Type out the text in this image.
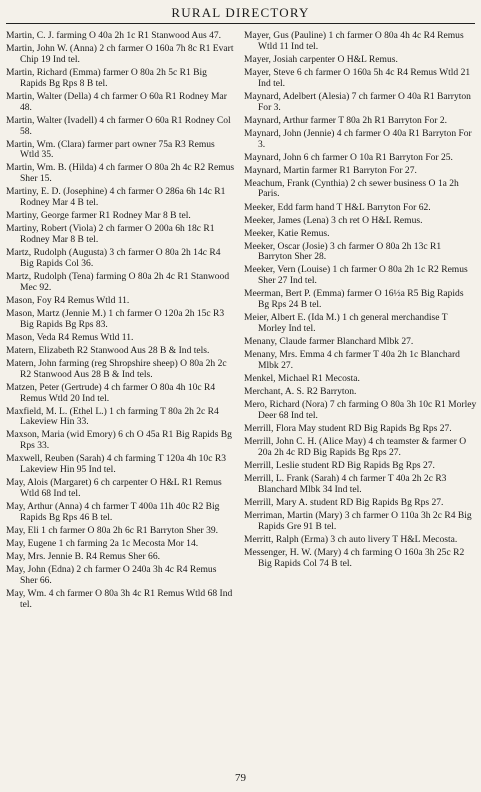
RURAL DIRECTORY

Martin, C. J. farming O 40a 2h 1c R1 Stanwood Aus 47.

Martin, John W. (Anna) 2 ch farmer O 160a 7h 8c R1 Evart Chip 19 Ind tel.

Martin, Richard (Emma) farmer O 80a 2h 5c R1 Big Rapids Bg Rps 8 B tel.

Martin, Walter (Della) 4 ch farmer O 60a R1 Rodney Mar 48.

Martin, Walter (Ivadell) 4 ch farmer O 60a R1 Rodney Col 58.

Martin, Wm. (Clara) farmer part owner 75a R3 Remus Wtld 35.

Martin, Wm. B. (Hilda) 4 ch farmer O 80a 2h 4c R2 Remus Sher 15.

Martiny, E. D. (Josephine) 4 ch farmer O 286a 6h 14c R1 Rodney Mar 4 B tel.

Martiny, George farmer R1 Rodney Mar 8 B tel.

Martiny, Robert (Viola) 2 ch farmer O 200a 6h 18c R1 Rodney Mar 8 B tel.

Martz, Rudolph (Augusta) 3 ch farmer O 80a 2h 14c R4 Big Rapids Col 36.

Martz, Rudolph (Tena) farming O 80a 2h 4c R1 Stanwood Mec 92.

Mason, Foy R4 Remus Wtld 11.

Mason, Martz (Jennie M.) 1 ch farmer O 120a 2h 15c R3 Big Rapids Bg Rps 83.

Mason, Veda R4 Remus Wtld 11.

Matern, Elizabeth R2 Stanwood Aus 28 B & Ind tels.

Matern, John farming (reg Shropshire sheep) O 80a 2h 2c R2 Stanwood Aus 28 B & Ind tels.

Matzen, Peter (Gertrude) 4 ch farmer O 80a 4h 10c R4 Remus Wtld 20 Ind tel.

Maxfield, M. L. (Ethel L.) 1 ch farming T 80a 2h 2c R4 Lakeview Hin 33.

Maxson, Maria (wid Emory) 6 ch O 45a R1 Big Rapids Bg Rps 33.

Maxwell, Reuben (Sarah) 4 ch farming T 120a 4h 10c R3 Lakeview Hin 95 Ind tel.

May, Alois (Margaret) 6 ch carpenter O H&L R1 Remus Wtld 68 Ind tel.

May, Arthur (Anna) 4 ch farmer T 400a 11h 40c R2 Big Rapids Bg Rps 46 B tel.

May, Eli 1 ch farmer O 80a 2h 6c R1 Barryton Sher 39.

May, Eugene 1 ch farming 2a 1c Mecosta Mor 14.

May, Mrs. Jennie B. R4 Remus Sher 66.

May, John (Edna) 2 ch farmer O 240a 3h 4c R4 Remus Sher 66.

May, Wm. 4 ch farmer O 80a 3h 4c R1 Remus Wtld 68 Ind tel.

Mayer, Gus (Pauline) 1 ch farmer O 80a 4h 4c R4 Remus Wtld 11 Ind tel.

Mayer, Josiah carpenter O H&L Remus.

Mayer, Steve 6 ch farmer O 160a 5h 4c R4 Remus Wtld 21 Ind tel.

Maynard, Adelbert (Alesia) 7 ch farmer O 40a R1 Barryton For 3.

Maynard, Arthur farmer T 80a 2h R1 Barryton For 2.

Maynard, John (Jennie) 4 ch farmer O 40a R1 Barryton For 3.

Maynard, John 6 ch farmer O 10a R1 Barryton For 25.

Maynard, Martin farmer R1 Barryton For 27.

Meachum, Frank (Cynthia) 2 ch sewer business O 1a 2h Paris.

Meeker, Edd farm hand T H&L Barryton For 62.

Meeker, James (Lena) 3 ch ret O H&L Remus.

Meeker, Katie Remus.

Meeker, Oscar (Josie) 3 ch farmer O 80a 2h 13c R1 Barryton Sher 28.

Meeker, Vern (Louise) 1 ch farmer O 80a 2h 1c R2 Remus Sher 27 Ind tel.

Meerman, Bert P. (Emma) farmer O 16½a R5 Big Rapids Bg Rps 24 B tel.

Meier, Albert E. (Ida M.) 1 ch general merchandise T Morley Ind tel.

Menany, Claude farmer Blanchard Mlbk 27.

Menany, Mrs. Emma 4 ch farmer T 40a 2h 1c Blanchard Mlbk 27.

Menkel, Michael R1 Mecosta.

Merchant, A. S. R2 Barryton.

Mero, Richard (Nora) 7 ch farming O 80a 3h 10c R1 Morley Deer 68 Ind tel.

Merrill, Flora May student RD Big Rapids Bg Rps 27.

Merrill, John C. H. (Alice May) 4 ch teamster & farmer O 20a 2h 4c RD Big Rapids Bg Rps 27.

Merrill, Leslie student RD Big Rapids Bg Rps 27.

Merrill, L. Frank (Sarah) 4 ch farmer T 40a 2h 2c R3 Blanchard Mlbk 34 Ind tel.

Merrill, Mary A. student RD Big Rapids Bg Rps 27.

Merriman, Martin (Mary) 3 ch farmer O 110a 3h 2c R4 Big Rapids Gre 91 B tel.

Merritt, Ralph (Erma) 3 ch auto livery T H&L Mecosta.

Messenger, H. W. (Mary) 4 ch farming O 160a 3h 25c R2 Big Rapids Col 74 B tel.

79
